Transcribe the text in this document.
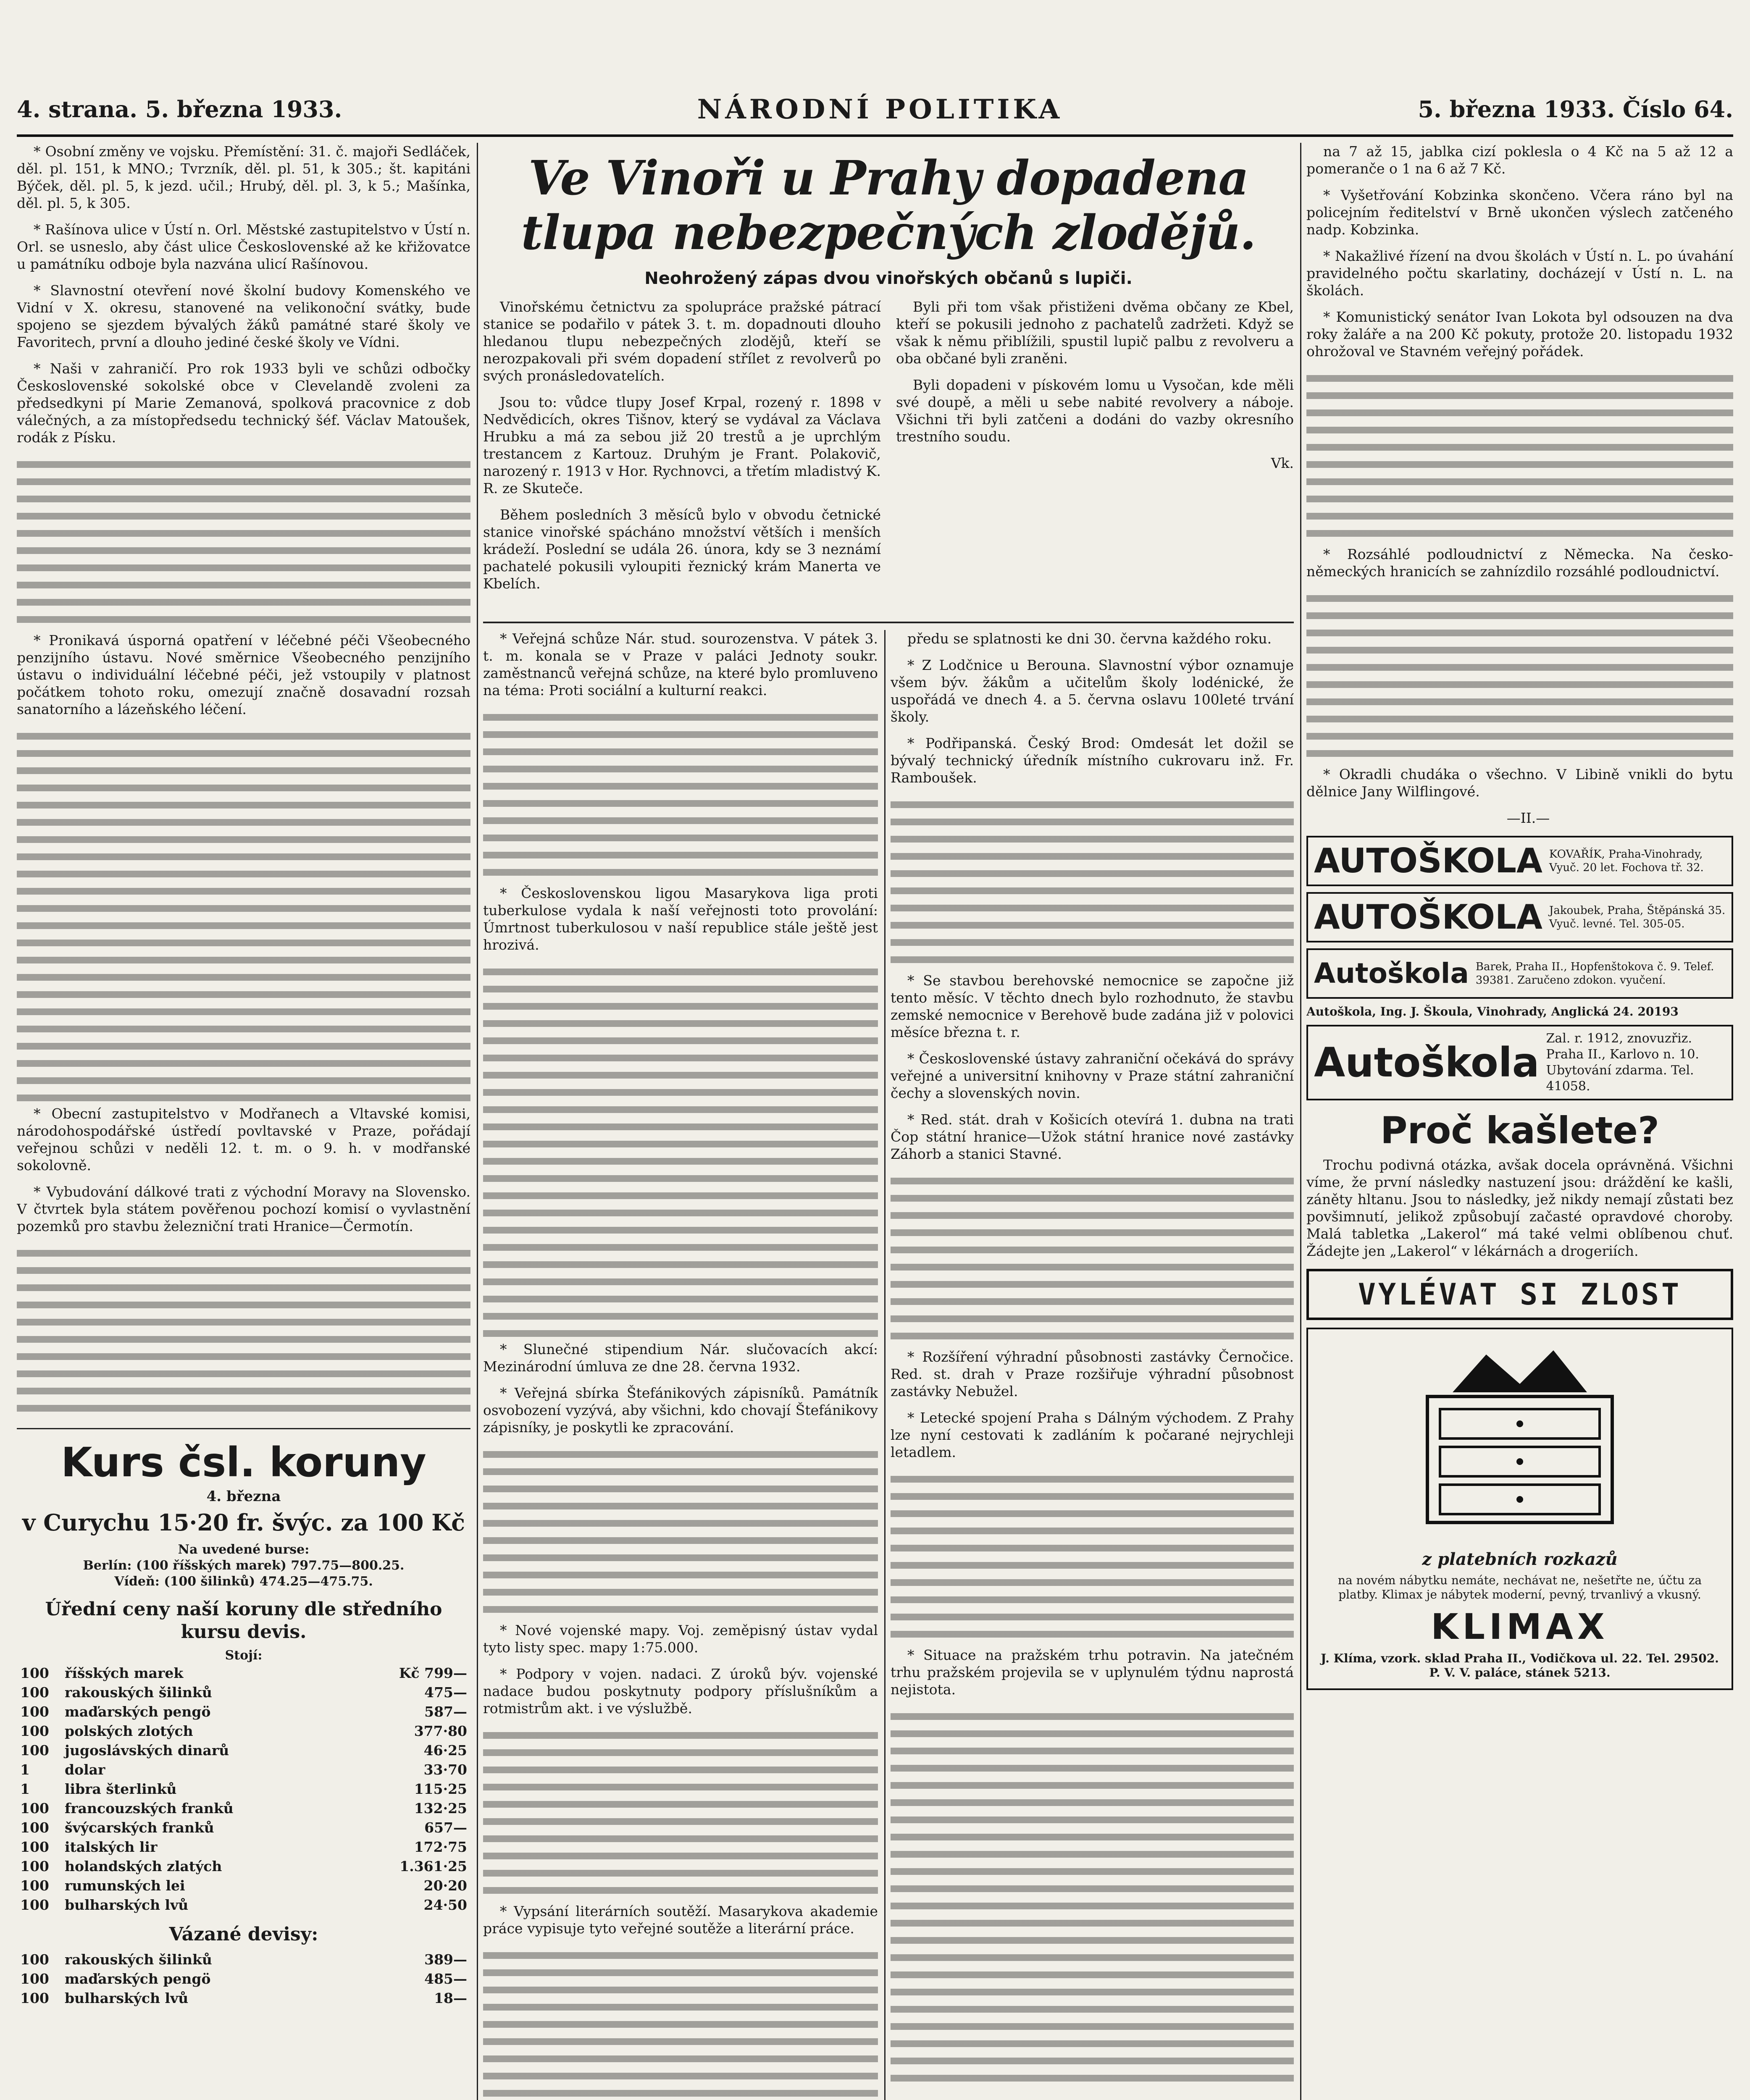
4. strana. 5. března 1933.	NÁRODNÍ POLITIKA	5. března 1933. Číslo 64.

* Osobní změny ve vojsku. Přemístění: 31. č. majoři Sedláček, děl. pl. 151, k MNO.; Tvrzník, děl. pl. 51, k 305.; št. kapitáni Býček, děl. pl. 5, k jezd. učil.; Hrubý, děl. pl. 3, k 5.; Mašínka, děl. pl. 5, k 305.

* Rašínova ulice v Ústí n. Orl. Městské zastupitelstvo v Ústí n. Orl. se usneslo, aby část ulice Československé až ke křižovatce u památníku odboje byla nazvána ulicí Rašínovou.

* Slavnostní otevření nové školní budovy Komenského ve Vidní v X. okresu, stanovené na velikonoční svátky, bude spojeno se sjezdem bývalých žáků památné staré školy ve Favoritech, první a dlouho jediné české školy ve Vídni.

* Naši v zahraničí. Pro rok 1933 byli ve schůzi odbočky Československé sokolské obce v Clevelandě zvoleni za předsedkyni pí Marie Zemanová, spolková pracovnice z dob válečných, a za místopředsedu technický šéf. Václav Matoušek, rodák z Písku.

* Pronikavá úsporná opatření v léčebné péči Všeobecného penzijního ústavu. Nové směrnice Všeobecného penzijního ústavu o individuální léčebné péči, jež vstoupily v platnost počátkem tohoto roku, omezují značně dosavadní rozsah sanatorního a lázeňského léčení.

* Obecní zastupitelstvo v Modřanech a Vltavské komisi, národohospodářské ústředí povltavské v Praze, pořádají veřejnou schůzi v neděli 12. t. m. o 9. h. v modřanské sokolovně.

* Vybudování dálkové trati z východní Moravy na Slovensko. V čtvrtek byla státem pověřenou pochozí komisí o vyvlastnění pozemků pro stavbu železniční trati Hranice—Čermotín.

Kurs čsl. koruny
4. března
v Curychu 15·20 fr. švýc. za 100 Kč
Na uvedené burse:
Berlín: (100 říšských marek) 797.75—800.25.
Vídeň: (100 šilinků) 474.25—475.75.
Úřední ceny naší koruny dle středního kursu devis.
Stojí:
100	říšských marek	Kč 799—
100	rakouských šilinků	475—
100	maďarských pengö	587—
100	polských zlotých	377·80
100	jugoslávských dinarů	46·25
1	dolar	33·70
1	libra šterlinků	115·25
100	francouzských franků	132·25
100	švýcarských franků	657—
100	italských lir	172·75
100	holandských zlatých	1.361·25
100	rumunských lei	20·20
100	bulharských lvů	24·50
Vázané devisy:
100	rakouských šilinků	389—
100	maďarských pengö	485—
100	bulharských lvů	18—
Ve Vinoři u Prahy dopadena tlupa nebezpečných zlodějů.
Neohrožený zápas dvou vinořských občanů s lupiči.

Vinořskému četnictvu za spolupráce pražské pátrací stanice se podařilo v pátek 3. t. m. dopadnouti dlouho hledanou tlupu nebezpečných zlodějů, kteří se nerozpakovali při svém dopadení střílet z revolverů po svých pronásledovatelích.

Jsou to: vůdce tlupy Josef Krpal, rozený r. 1898 v Nedvědicích, okres Tišnov, který se vydával za Václava Hrubku a má za sebou již 20 trestů a je uprchlým trestancem z Kartouz. Druhým je Frant. Polakovič, narozený r. 1913 v Hor. Rychnovci, a třetím mladistvý K. R. ze Skuteče.

Během posledních 3 měsíců bylo v obvodu četnické stanice vinořské spácháno množství větších i menších krádeží. Poslední se udála 26. února, kdy se 3 neznámí pachatelé pokusili vyloupiti řeznický krám Manerta ve Kbelích.

Byli při tom však přistiženi dvěma občany ze Kbel, kteří se pokusili jednoho z pachatelů zadržeti. Když se však k němu přiblížili, spustil lupič palbu z revolveru a oba občané byli zraněni.

Byli dopadeni v pískovém lomu u Vysočan, kde měli své doupě, a měli u sebe nabité revolvery a náboje. Všichni tři byli zatčeni a dodáni do vazby okresního trestního soudu.

Vk.

* Veřejná schůze Nár. stud. sourozenstva. V pátek 3. t. m. konala se v Praze v paláci Jednoty soukr. zaměstnanců veřejná schůze, na které bylo promluveno na téma: Proti sociální a kulturní reakci.

* Československou ligou Masarykova liga proti tuberkulose vydala k naší veřejnosti toto provolání: Úmrtnost tuberkulosou v naší republice stále ještě jest hrozivá.

* Slunečné stipendium Nár. slučovacích akcí: Mezinárodní úmluva ze dne 28. června 1932.

* Veřejná sbírka Štefánikových zápisníků. Památník osvobození vyzývá, aby všichni, kdo chovají Štefánikovy zápisníky, je poskytli ke zpracování.

* Nové vojenské mapy. Voj. zeměpisný ústav vydal tyto listy spec. mapy 1:75.000.

* Podpory v vojen. nadaci. Z úroků býv. vojenské nadace budou poskytnuty podpory příslušníkům a rotmistrům akt. i ve výslužbě.

* Vypsání literárních soutěží. Masarykova akademie práce vypisuje tyto veřejné soutěže a literární práce.

předu se splatnosti ke dni 30. června každého roku.

* Z Lodčnice u Berouna. Slavnostní výbor oznamuje všem býv. žákům a učitelům školy lodénické, že uspořádá ve dnech 4. a 5. června oslavu 100leté trvání školy.

* Podřipanská. Český Brod: Omdesát let dožil se bývalý technický úředník místního cukrovaru inž. Fr. Ramboušek.

* Se stavbou berehovské nemocnice se započne již tento měsíc. V těchto dnech bylo rozhodnuto, že stavbu zemské nemocnice v Berehově bude zadána již v polovici měsíce března t. r.

* Československé ústavy zahraniční očekává do správy veřejné a universitní knihovny v Praze státní zahraniční čechy a slovenských novin.

* Red. stát. drah v Košicích otevírá 1. dubna na trati Čop státní hranice—Užok státní hranice nové zastávky Záhorb a stanici Stavné.

* Rozšíření výhradní působnosti zastávky Černočice. Red. st. drah v Praze rozšiřuje výhradní působnost zastávky Nebužel.

* Letecké spojení Praha s Dálným východem. Z Prahy lze nyní cestovati k zadláním k počarané nejrychleji letadlem.

* Situace na pražském trhu potravin. Na jatečném trhu pražském projevila se v uplynulém týdnu naprostá nejistota.

na 7 až 15, jablka cizí poklesla o 4 Kč na 5 až 12 a pomeranče o 1 na 6 až 7 Kč.

* Vyšetřování Kobzinka skončeno. Včera ráno byl na policejním ředitelství v Brně ukončen výslech zatčeného nadp. Kobzinka.

* Nakažlivé řízení na dvou školách v Ústí n. L. po úvahání pravidelného počtu skarlatiny, docházejí v Ústí n. L. na školách.

* Komunistický senátor Ivan Lokota byl odsouzen na dva roky žaláře a na 200 Kč pokuty, protože 20. listopadu 1932 ohrožoval ve Stavném veřejný pořádek.

* Rozsáhlé podloudnictví z Německa. Na česko-německých hranicích se zahnízdilo rozsáhlé podloudnictví.

* Okradli chudáka o všechno. V Libině vnikli do bytu dělnice Jany Wilflingové.

—II.—

AUTOŠKOLA KOVAŘÍK, Praha-Vinohrady, Vyuč. 20 let. Fochova tř. 32.
AUTOŠKOLA Jakoubek, Praha, Štěpánská 35. Vyuč. levné. Tel. 305-05.
Autoškola Barek, Praha II., Hopfenštokova č. 9. Telef. 39381. Zaručeno zdokon. vyučení.
Autoškola, Ing. J. Škoula, Vinohrady, Anglická 24. 20193
Autoškola
Zal. r. 1912, znovuzřiz. Praha II., Karlovo n. 10. Ubytování zdarma. Tel. 41058.
Proč kašlete?

Trochu podivná otázka, avšak docela oprávněná. Všichni víme, že první následky nastuzení jsou: dráždění ke kašli, záněty hltanu. Jsou to následky, jež nikdy nemají zůstati bez povšimnutí, jelikož způsobují začasté opravdové choroby. Malá tabletka „Lakerol“ má také velmi oblíbenou chuť. Žádejte jen „Lakerol“ v lékárnách a drogeriích.

VYLÉVAT SI ZLOST
z platebních rozkazů

na novém nábytku nemáte, nechávat ne, nešetřte ne, účtu za platby. Klimax je nábytek moderní, pevný, trvanlivý a vkusný.

KLIMAX
J. Klíma, vzork. sklad Praha II., Vodičkova ul. 22. Tel. 29502. P. V. V. paláce, stánek 5213.
